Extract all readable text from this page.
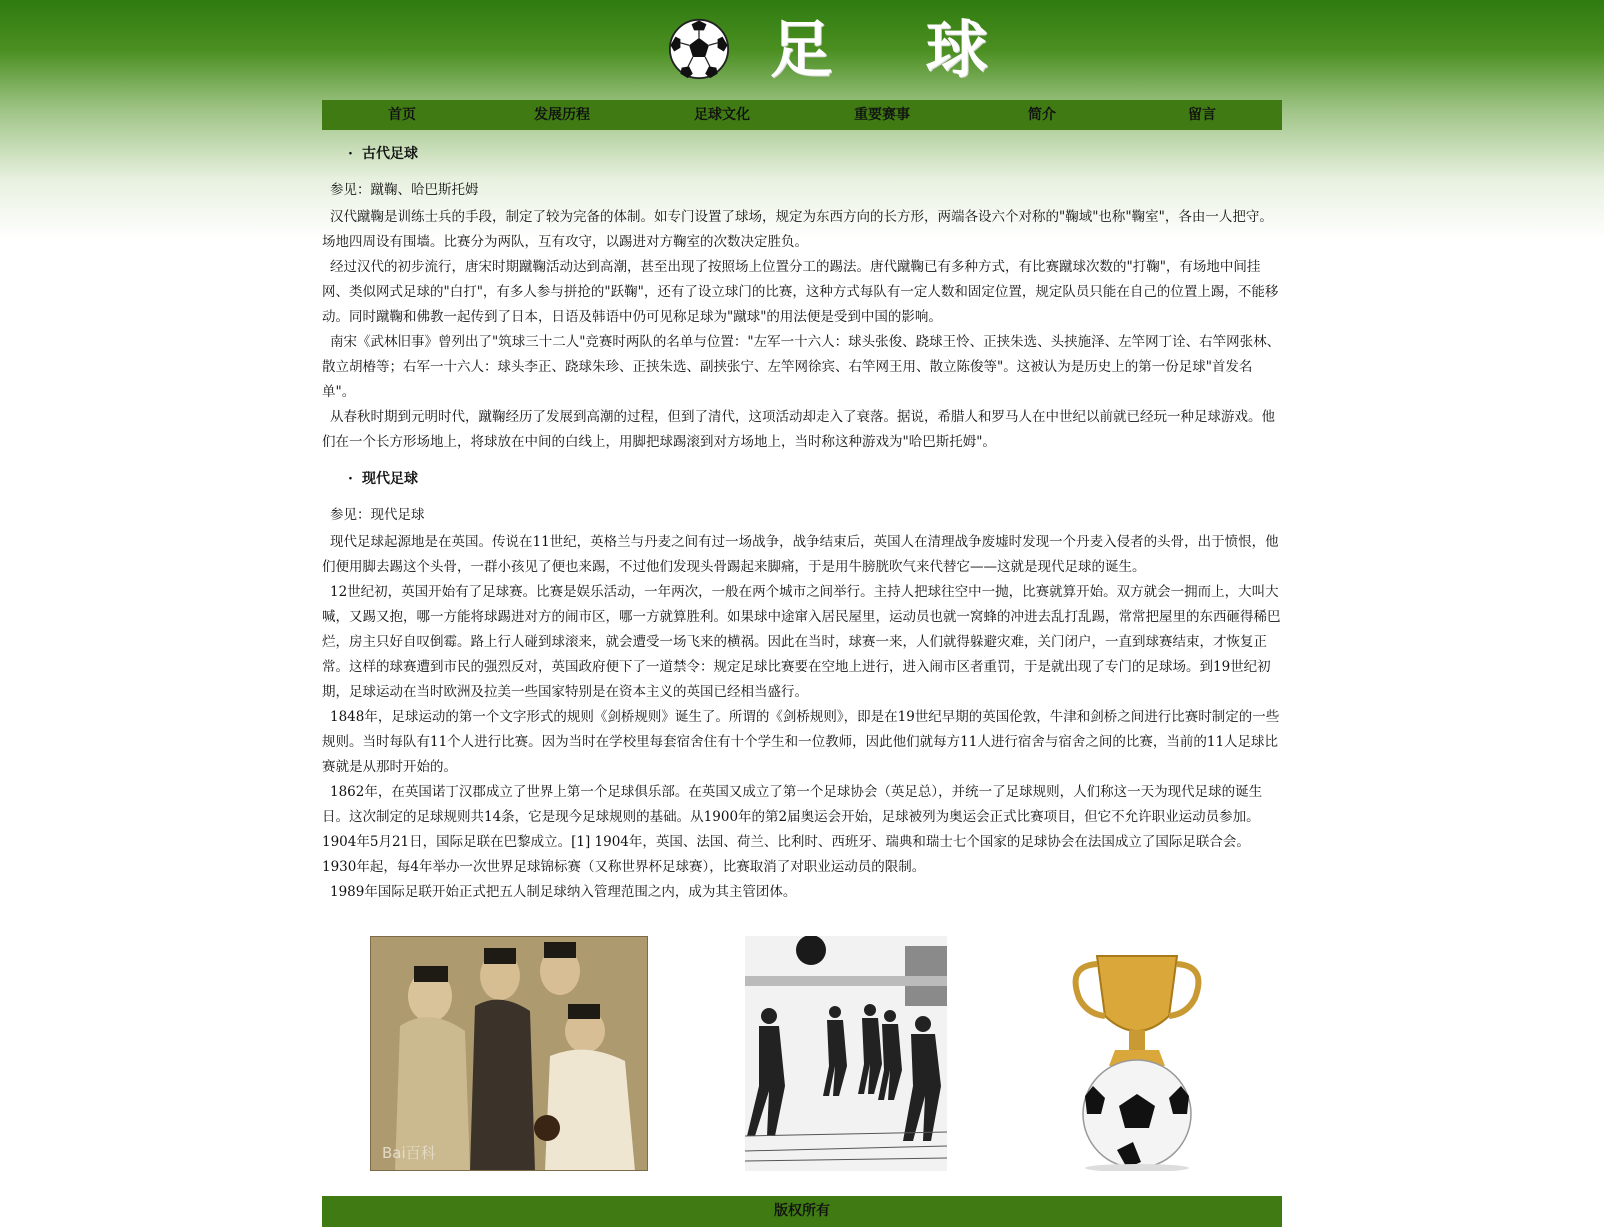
足 球
首页	发展历程	足球文化	重要赛事	简介	留言
· 古代足球

参见：蹴鞠、哈巴斯托姆

汉代蹴鞠是训练士兵的手段，制定了较为完备的体制。如专门设置了球场，规定为东西方向的长方形，两端各设六个对称的"鞠域"也称"鞠室"，各由一人把守。场地四周设有围墙。比赛分为两队，互有攻守，以踢进对方鞠室的次数决定胜负。

经过汉代的初步流行，唐宋时期蹴鞠活动达到高潮，甚至出现了按照场上位置分工的踢法。唐代蹴鞠已有多种方式，有比赛蹴球次数的"打鞠"，有场地中间挂网、类似网式足球的"白打"，有多人参与拼抢的"跃鞠"，还有了设立球门的比赛，这种方式每队有一定人数和固定位置，规定队员只能在自己的位置上踢，不能移动。同时蹴鞠和佛教一起传到了日本，日语及韩语中仍可见称足球为"蹴球"的用法便是受到中国的影响。

南宋《武林旧事》曾列出了"筑球三十二人"竞赛时两队的名单与位置："左军一十六人：球头张俊、跷球王怜、正挟朱选、头挟施泽、左竿网丁诠、右竿网张林、散立胡椿等；右军一十六人：球头李正、跷球朱珍、正挟朱选、副挟张宁、左竿网徐宾、右竿网王用、散立陈俊等"。这被认为是历史上的第一份足球"首发名单"。

从春秋时期到元明时代，蹴鞠经历了发展到高潮的过程，但到了清代，这项活动却走入了衰落。据说，希腊人和罗马人在中世纪以前就已经玩一种足球游戏。他们在一个长方形场地上，将球放在中间的白线上，用脚把球踢滚到对方场地上，当时称这种游戏为"哈巴斯托姆"。

· 现代足球

参见：现代足球

现代足球起源地是在英国。传说在11世纪，英格兰与丹麦之间有过一场战争，战争结束后，英国人在清理战争废墟时发现一个丹麦入侵者的头骨，出于愤恨，他们便用脚去踢这个头骨，一群小孩见了便也来踢，不过他们发现头骨踢起来脚痛，于是用牛膀胱吹气来代替它——这就是现代足球的诞生。

12世纪初，英国开始有了足球赛。比赛是娱乐活动，一年两次，一般在两个城市之间举行。主持人把球往空中一抛，比赛就算开始。双方就会一拥而上，大叫大喊，又踢又抱，哪一方能将球踢进对方的闹市区，哪一方就算胜利。如果球中途窜入居民屋里，运动员也就一窝蜂的冲进去乱打乱踢，常常把屋里的东西砸得稀巴烂，房主只好自叹倒霉。路上行人碰到球滚来，就会遭受一场飞来的横祸。因此在当时，球赛一来，人们就得躲避灾难，关门闭户，一直到球赛结束，才恢复正常。这样的球赛遭到市民的强烈反对，英国政府便下了一道禁令：规定足球比赛要在空地上进行，进入闹市区者重罚，于是就出现了专门的足球场。到19世纪初期，足球运动在当时欧洲及拉美一些国家特别是在资本主义的英国已经相当盛行。

1848年，足球运动的第一个文字形式的规则《剑桥规则》诞生了。所谓的《剑桥规则》，即是在19世纪早期的英国伦敦，牛津和剑桥之间进行比赛时制定的一些规则。当时每队有11个人进行比赛。因为当时在学校里每套宿舍住有十个学生和一位教师，因此他们就每方11人进行宿舍与宿舍之间的比赛，当前的11人足球比赛就是从那时开始的。

1862年，在英国诺丁汉郡成立了世界上第一个足球俱乐部。在英国又成立了第一个足球协会（英足总），并统一了足球规则，人们称这一天为现代足球的诞生日。这次制定的足球规则共14条，它是现今足球规则的基础。从1900年的第2届奥运会开始，足球被列为奥运会正式比赛项目，但它不允许职业运动员参加。1904年5月21日，国际足联在巴黎成立。[1] 1904年，英国、法国、荷兰、比利时、西班牙、瑞典和瑞士七个国家的足球协会在法国成立了国际足联合会。1930年起，每4年举办一次世界足球锦标赛（又称世界杯足球赛），比赛取消了对职业运动员的限制。

1989年国际足联开始正式把五人制足球纳入管理范围之内，成为其主管团体。

Bai百科
版权所有
